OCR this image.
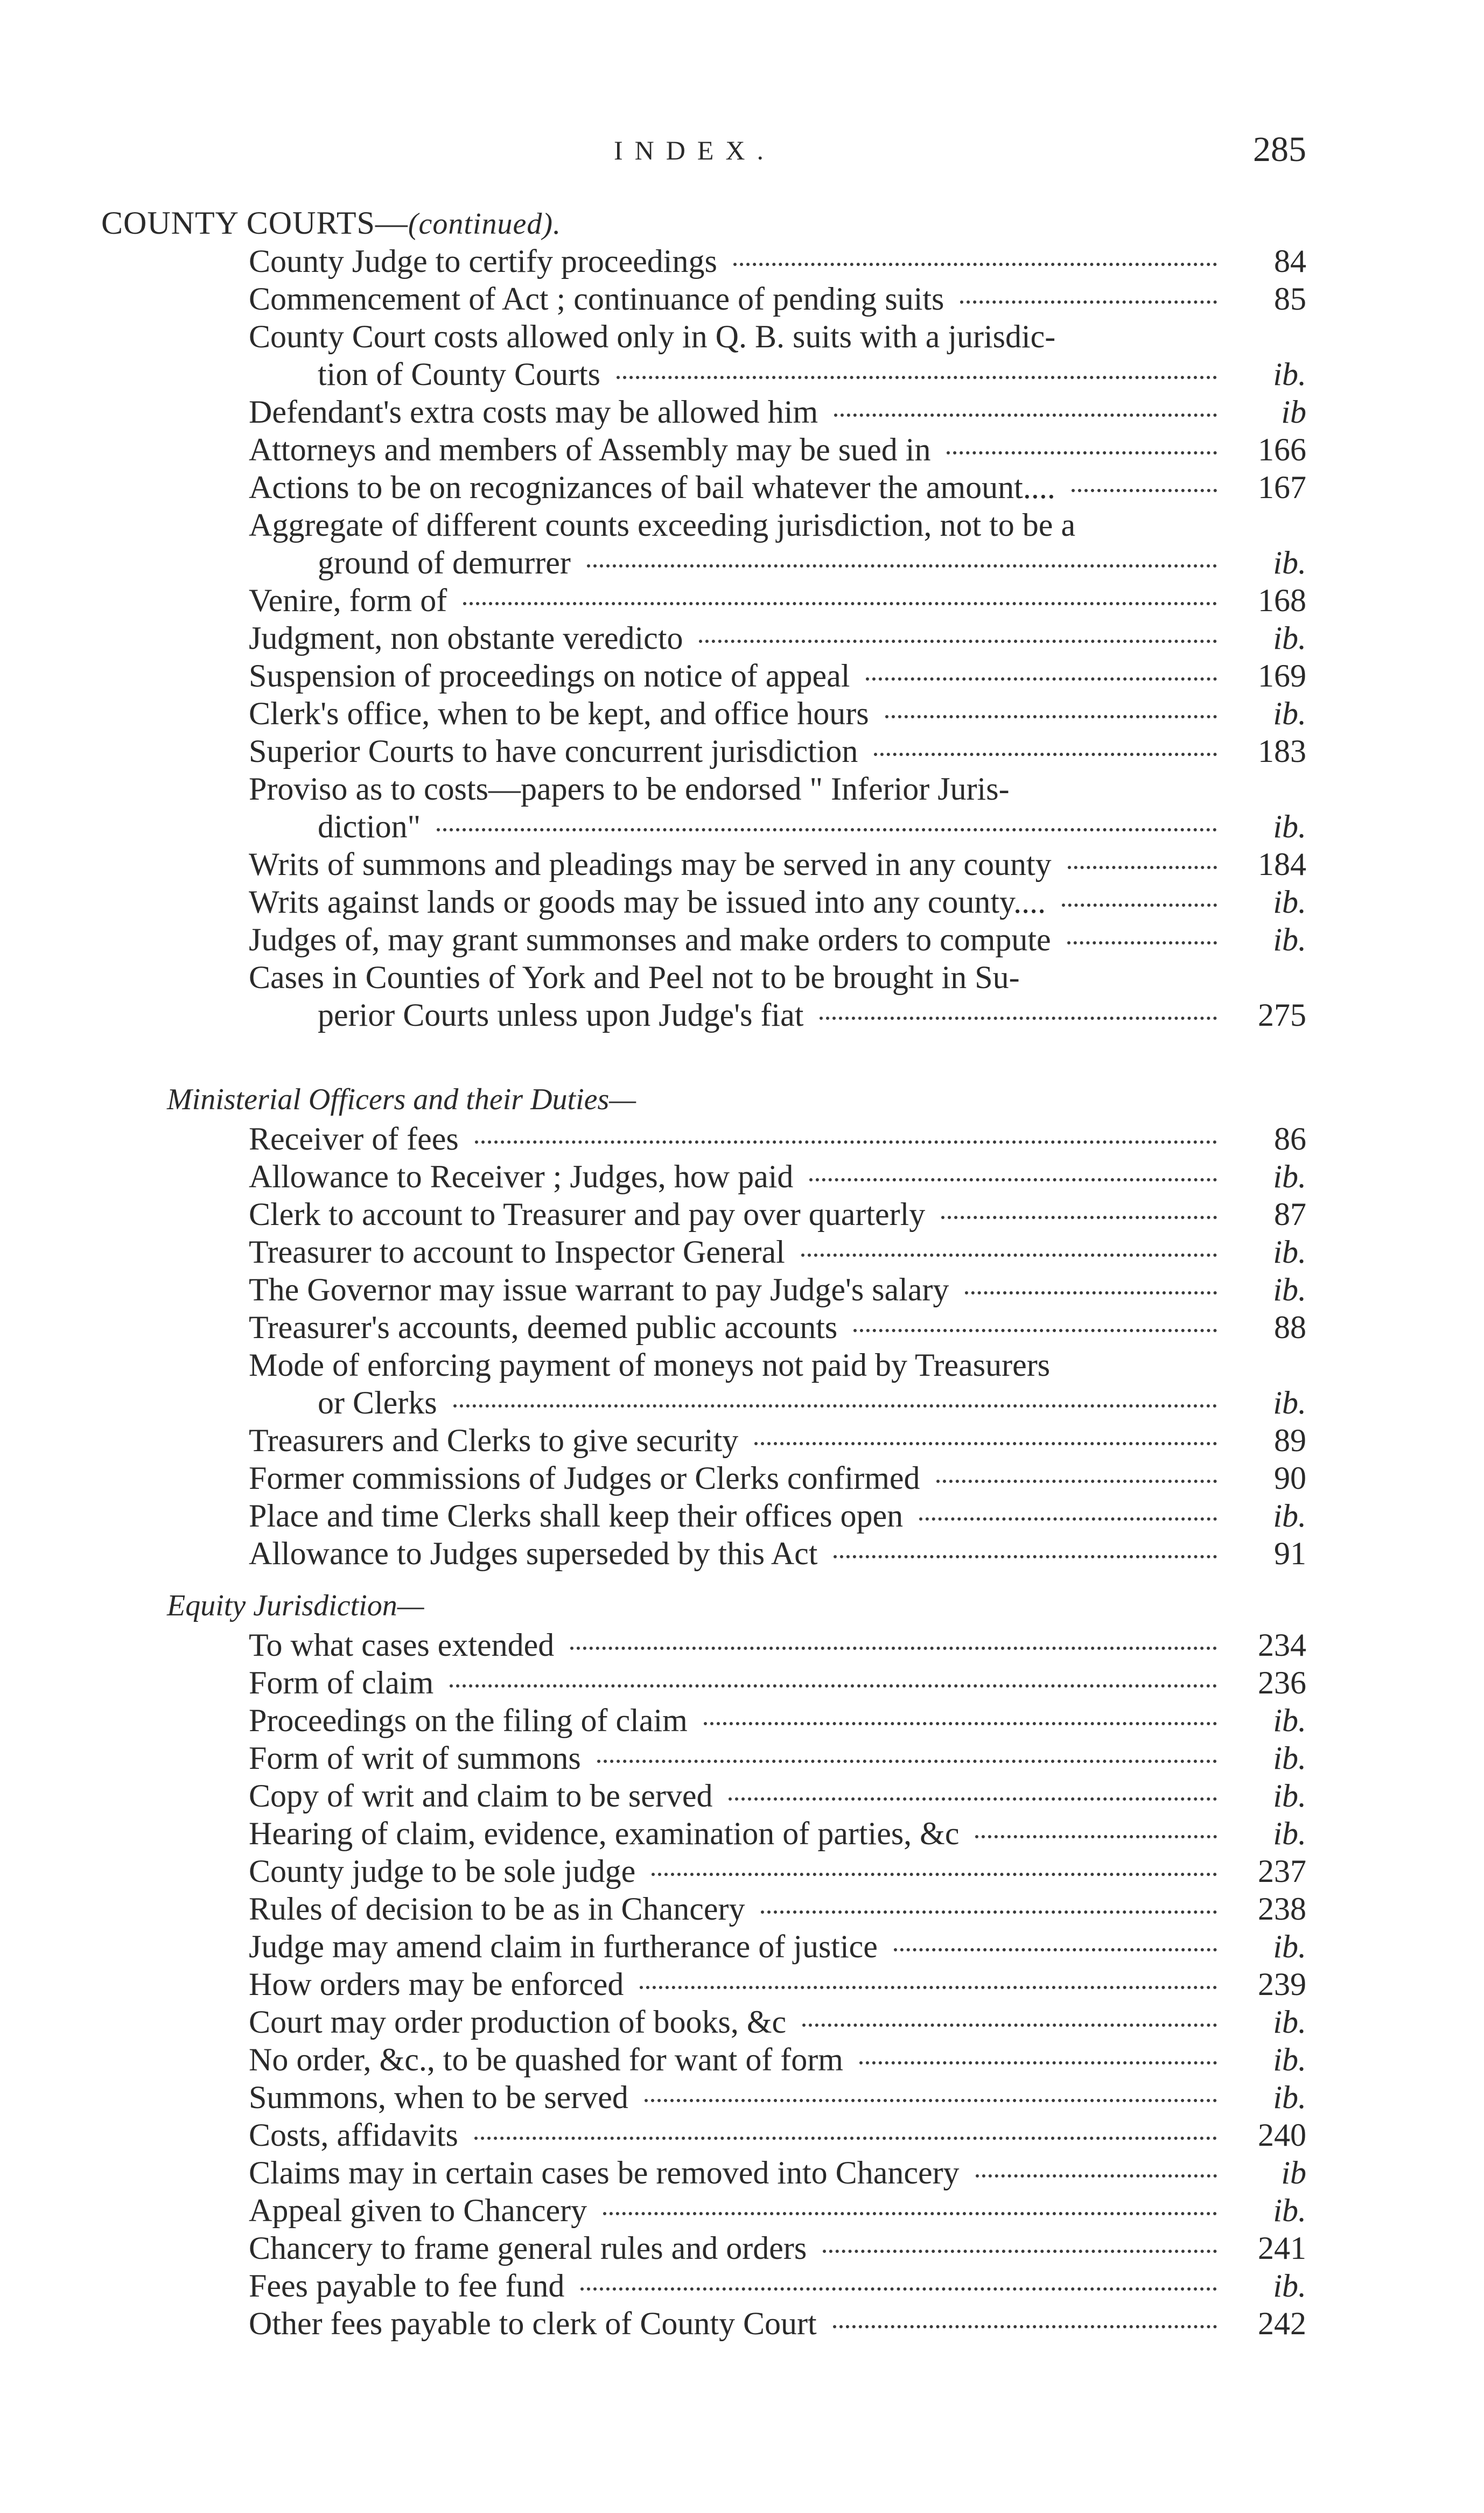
INDEX.	285
COUNTY COURTS—(continued).
County Judge to certify proceedings	84
Commencement of Act ; continuance of pending suits	85
County Court costs allowed only in Q. B. suits with a jurisdic-
tion of County Courts	ib.
Defendant's extra costs may be allowed him	ib
Attorneys and members of Assembly may be sued in	166
Actions to be on recognizances of bail whatever the amount....	167
Aggregate of different counts exceeding jurisdiction, not to be a
ground of demurrer	ib.
Venire, form of	168
Judgment, non obstante veredicto	ib.
Suspension of proceedings on notice of appeal	169
Clerk's office, when to be kept, and office hours	ib.
Superior Courts to have concurrent jurisdiction	183
Proviso as to costs—papers to be endorsed " Inferior Juris-
diction"	ib.
Writs of summons and pleadings may be served in any county	184
Writs against lands or goods may be issued into any county....	ib.
Judges of, may grant summonses and make orders to compute	ib.
Cases in Counties of York and Peel not to be brought in Su-
perior Courts unless upon Judge's fiat	275
Ministerial Officers and their Duties—
Receiver of fees	86
Allowance to Receiver ; Judges, how paid	ib.
Clerk to account to Treasurer and pay over quarterly	87
Treasurer to account to Inspector General	ib.
The Governor may issue warrant to pay Judge's salary	ib.
Treasurer's accounts, deemed public accounts	88
Mode of enforcing payment of moneys not paid by Treasurers
or Clerks	ib.
Treasurers and Clerks to give security	89
Former commissions of Judges or Clerks confirmed	90
Place and time Clerks shall keep their offices open	ib.
Allowance to Judges superseded by this Act	91
Equity Jurisdiction—
To what cases extended	234
Form of claim	236
Proceedings on the filing of claim	ib.
Form of writ of summons	ib.
Copy of writ and claim to be served	ib.
Hearing of claim, evidence, examination of parties, &c	ib.
County judge to be sole judge	237
Rules of decision to be as in Chancery	238
Judge may amend claim in furtherance of justice	ib.
How orders may be enforced	239
Court may order production of books, &c	ib.
No order, &c., to be quashed for want of form	ib.
Summons, when to be served	ib.
Costs, affidavits	240
Claims may in certain cases be removed into Chancery	ib
Appeal given to Chancery	ib.
Chancery to frame general rules and orders	241
Fees payable to fee fund	ib.
Other fees payable to clerk of County Court	242
